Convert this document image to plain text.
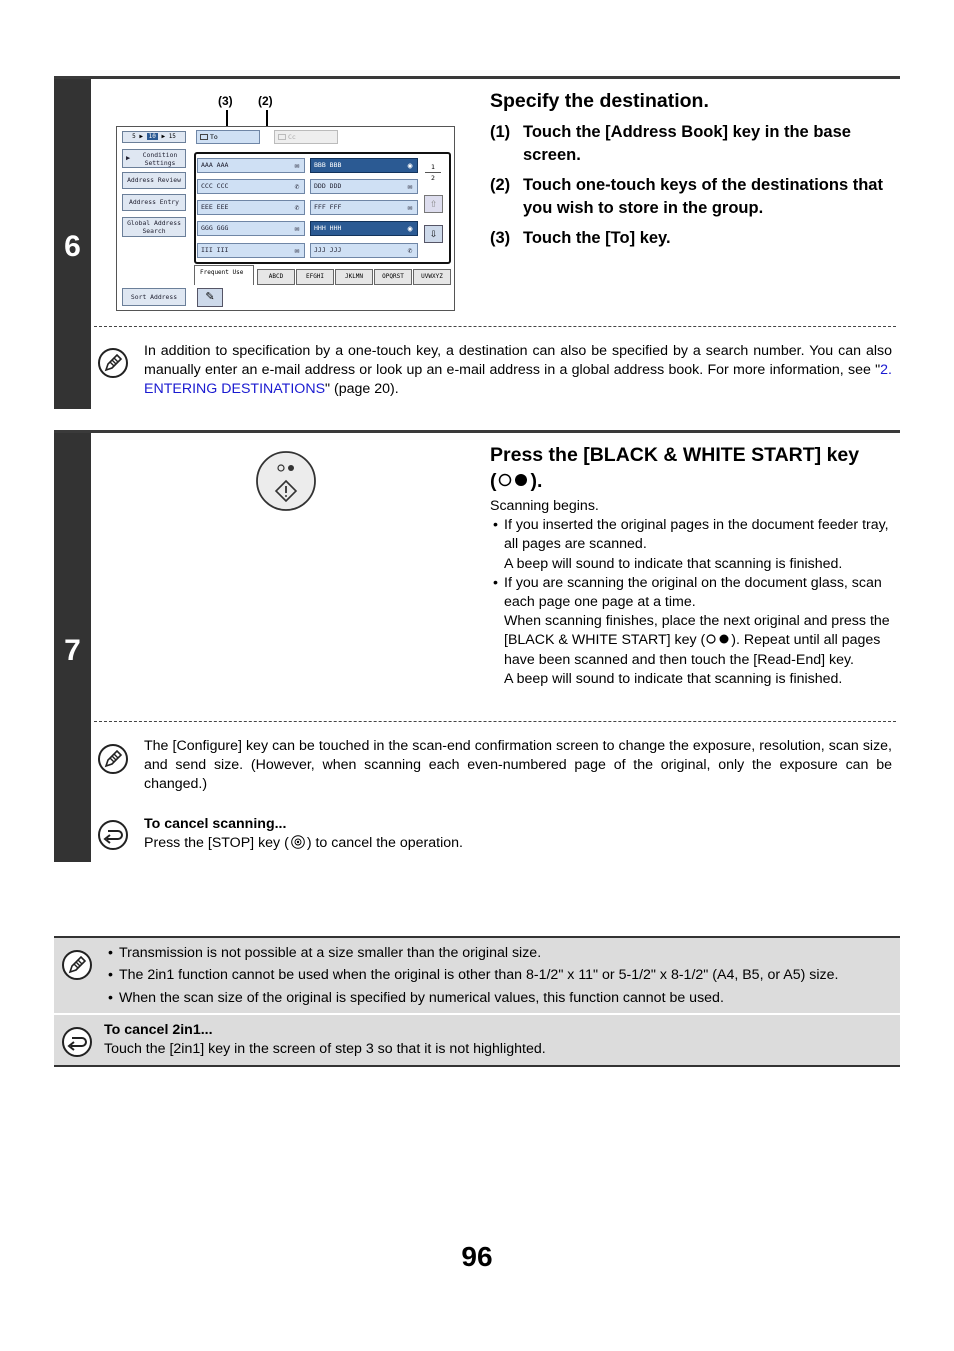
6
Specify the destination.
(1) Touch the [Address Book] key in the base screen.
(2) Touch one-touch keys of the destinations that you wish to store in the group.
(3) Touch the [To] key.
(3) (2)
5 ▶ 10 ▶ 15	To	Cc
▶	Condition Settings
Address Review
Address Entry
Global Address Search
Sort Address
AAA AAA	✉
CCC CCC	✆
EEE EEE	✆
GGG GGG	✉
III III	✉
BBB BBB	◉
DDD DDD	✉
FFF FFF	✉
HHH HHH	◉
JJJ JJJ	✆
1
2
⇧
⇩
Frequent Use
ABCD	EFGHI	JKLMN	OPQRST	UVWXYZ
✎
In addition to specification by a one-touch key, a destination can also be specified by a search number. You can also manually enter an e-mail address or look up an e-mail address in a global address book. For more information, see "2. ENTERING DESTINATIONS" (page 20).
7
Press the [BLACK & WHITE START] key
( ).
Scanning begins.
• If you inserted the original pages in the document feeder tray, all pages are scanned.
A beep will sound to indicate that scanning is finished.
• If you are scanning the original on the document glass, scan each page one page at a time.
When scanning finishes, place the next original and press the [BLACK & WHITE START] key ( ). Repeat until all pages have been scanned and then touch the [Read-End] key.
A beep will sound to indicate that scanning is finished.
The [Configure] key can be touched in the scan-end confirmation screen to change the exposure, resolution, scan size, and send size. (However, when scanning each even-numbered page of the original, only the exposure can be changed.)
To cancel scanning...
Press the [STOP] key ( ) to cancel the operation.
• Transmission is not possible at a size smaller than the original size.
• The 2in1 function cannot be used when the original is other than 8-1/2" x 11" or 5-1/2" x 8-1/2" (A4, B5, or A5) size.
• When the scan size of the original is specified by numerical values, this function cannot be used.
To cancel 2in1...
Touch the [2in1] key in the screen of step 3 so that it is not highlighted.
96
